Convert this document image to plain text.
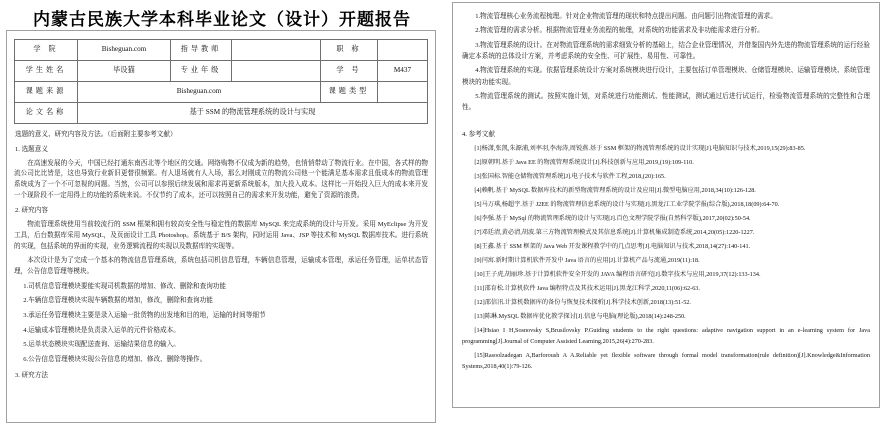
内蒙古民族大学本科毕业论文（设计）开题报告
学 院	Bisheguan.com	指导教师		职 称	
学生姓名	毕设猫	专业年级		学 号	M437
课题来源	Bisheguan.com			课题类型	
论文名称	基于 SSM 的物流管理系统的设计与实现				
选题的意义、研究内容及方法。（后面附主要参考文献）
1. 选题意义

在高速发展的今天，中国已经打通东南西北等个地区的交通。网络购物不仅成为新的趋势，也悄悄带动了物流行业。在中国，各式样的物流公司比比皆是，这也导致行业新旧更替很频繁。有人退场就有人入场，那么对刚成立的物流公司他一个能满足基本需求且低成本的物流管理系统成为了一个不可忽视的问题。当然，公司可以参照后续发展和需求再更新系统版本，加大投入成本。这样比一开始投入巨大的成本来开发一个现阶段不一定用得上的功能的系统来说。不仅节约了成本，还可以按照自己的需求来开发功能，避免了资源的浪费。

2. 研究内容

物流管理系统使用当前较流行的 SSM 框架和拥有较高安全性与稳定性的数据库 MySQL 来完成系统的设计与开发。采用 MyEclipse 为开发工具，后台数据库采用 MySQL，及页面设计工具 Photoshop。系统基于 B/S 架构，同时运用 Java、JSP 等技术和 MySQL 数据库技术。进行系统的实现，包括系统的界面的实现，业务逻辑流程的实现以及数据库的实现等。

本次设计是为了完成一个基本的物流信息管理系统，系统包括司机信息管理，车辆信息管理，运输成本管理，承运任务管理，运单状态管理，公告信息管理等模块。

1.司机信息管理模块要能实现司机数据的增加、修改、删除和查询功能

2.车辆信息管理模块实现车辆数据的增加，修改，删除和查询功能

3.承运任务管理模块主要是录入运输一批货物的出发地和目的地，运输的时间等细节

4.运输成本管理模块是负责录入运单的元件价格成本。

5.运单状态模块实现配送查询、运输结果信息的输入。

6.公告信息管理模块实现公告信息的增加、修改、删除等操作。

3. 研究方法

1.物流管理核心业务流程梳理。针对企业物流管理的现状和特点提出问题。由问题引出物流管理的需求。

2.物流管理的需求分析。根据物流管理业务流程的梳理，对系统的功能需求及非功能需求进行分析。

3.物流管理系统的设计。在对物流管理系统的需求细致分析的基础上，结合企业管理情况，并借鉴国内外先进的物流管理系统的运行经验确定本系统的总体设计方案，并考虑系统的安全性、可扩展性、易用性、可靠性。

4.物流管理系统的实现。依据管理系统设计方案对系统模块进行设计，主要包括订单管理模块、仓储管理模块、运输管理模块、系统管理模块的功能实现。

5.物流管理系统的测试。按照实施计划，对系统进行功能测试、性能测试，测试通过后进行试运行，检验物流管理系统的完整性和合理性。

4. 参考文献

[1]杨潇,张凯,朱源浦,刘率羽,李海涛,周锐燕.基于 SSM 框架的物流管理系统的设计实现[J].电脑知识与技术,2019,15(29):83-85.

[2]原朝明.基于 Java EE 的物流管理系统设计[J].科技创新与应用,2019,(19):109-110.

[3]张国标.智能仓储物流管理系统[J].电子技术与软件工程,2018,(20):165.

[4]赖帆.基于 MySQL 数据库技术的新型物流管理系统的设计及应用[J].微型电脑应用,2018,34(10):126-128.

[5]马万琪,杨超宇.基于 J2EE 的物流管理信息系统的设计与实现[J].黑龙江工业学院学报(综合版),2018,18(09):64-70.

[6]李强.基于 MySql 的物流管理系统的设计与实现[J].百色文理学院学报(自然科学版),2017,20(02):50-54.

[7]邓廷清,黄必清,胡波.第三方物流管理模式及其信息系统[J].计算机集成制造系统,2014,20(05):1220-1227.

[8]王鑫.基于 SSM 框架的 Java Web 开发课程教学中的几点思考[J].电脑知识与技术,2018,14(27):140-141.

[9]闫寓.新时期计算机软件开发中 Java 语言的应用[J].计算机产品与流通,2019(11):18.

[10]王子虎,胡丽珍.基于计算机软件安全开发的 JAVA 编程语言研究[J].数字技术与应用,2019,37(12):133-134.

[11]邵育松.计算机软件 Java 编程特点及其技术运用[J].黑龙江科学,2020,11(06):62-63.

[12]邵信汛.计算机数据库的备份与恢复技术探析[J].科学技术创新,2018(13):51-52.

[13]陈琳.MySQL 数据库优化教学探讨[J].信息与电脑(理论版),2018(14):248-250.

[14]Hsiao I H,Sosnovsky S,Brusilovsky P.Guiding students to the right questions: adaptive navigation support in an e-learning system for Java programming[J].Journal of Computer Assisted Learning,2015,26(4):270-283.

[15]Rasoolzadegan A,Barforoush A A.Reliable yet flexible software through formal model transformation(rule definition)[J].Knowledge&Information Systems,2018,40(1):79-126.
